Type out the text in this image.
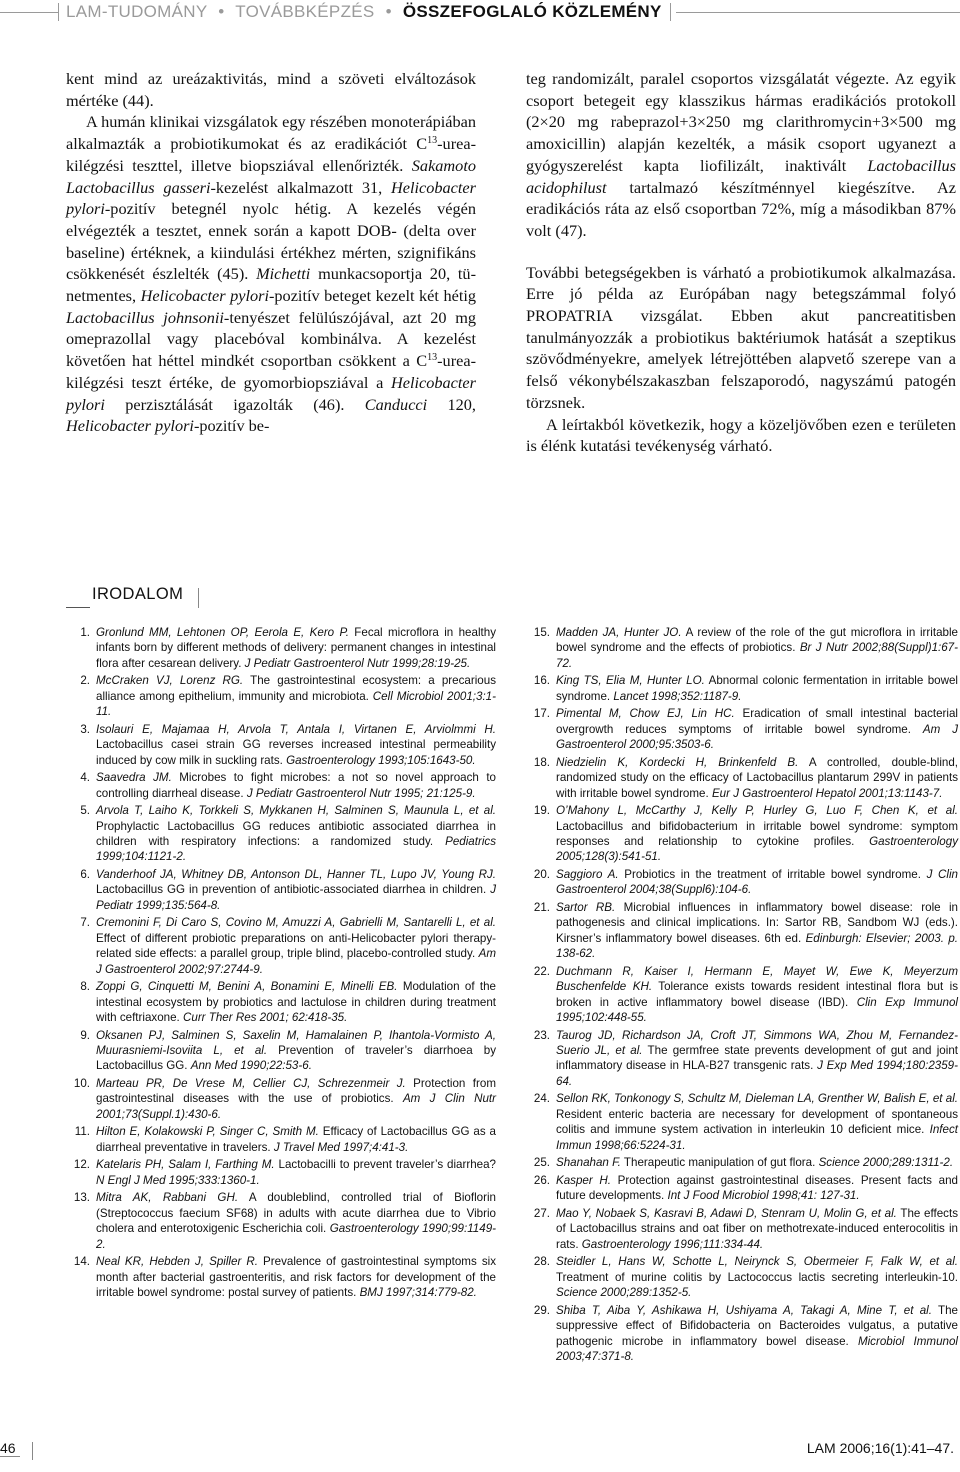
LAM-TUDOMÁNY • TOVÁBBKÉPZÉS • ÖSSZEFOGLALÓ KÖZLEMÉNY

kent mind az ureázaktivitás, mind a szöveti elváltozások mértéke (44).

A humán klinikai vizsgálatok egy részében monoterápiában alkalmazták a probiotikumokat és az eradikációt $C^{13}-urea$-kilégzési teszttel, illetve biopsziával ellenőrizték. Sakamoto Lactobacillus gasseri-kezelést alkalmazott 31, Helicobacter pylori-pozitív betegnél nyolc hétig. A kezelés végén elvégezték a tesztet, ennek során a kapott DOB- (delta over baseline) értéknek, a kiindulási értékhez mérten, szignifikáns csökkenését észlelték (45). Michetti munkacsoportja 20, tünetmentes, Helicobacter pylori-pozitív beteget kezelt két hétig Lactobacillus johnsonii-tenyészet felülúszójával, azt 20 mg omeprazollal vagy placebóval kombinálva. A kezelést követően hat héttel mindkét csoportban csökkent a $C^{13}-urea$-kilégzési teszt értéke, de gyomorbiopsziával a Helicobacter pylori perzisztálását igazolták (46). Canducci 120, Helicobacter pylori-pozitív be-

teg randomizált, paralel csoportos vizsgálatát végezte. Az egyik csoport betegeit egy klasszikus hármas eradikációs protokoll (2×20 mg rabeprazol+3×250 mg clarithromycin+3×500 mg amoxicillin) alapján kezelték, a másik csoport ugyanezt a gyógyszerelést kapta liofilizált, inaktivált Lactobacillus acidophilust tartalmazó készítménnyel kiegészítve. Az eradikációs ráta az első csoportban 72%, míg a másodikban 87% volt (47).

További betegségekben is várható a probiotikumok alkalmazása. Erre jó példa az Európában nagy betegszámmal folyó PROPATRIA vizsgálat. Ebben akut pancreatitisben tanulmányozzák a probiotikus baktériumok hatását a szeptikus szövődményekre, amelyek létrejöttében alapvető szerepe van a felső vékonybélszakaszban felszaporodó, nagyszámú patogén törzsnek.

A leírtakból következik, hogy a közeljövőben ezen e területen is élénk kutatási tevékenység várható.

IRODALOM
1. Gronlund MM, Lehtonen OP, Eerola E, Kero P. Fecal microflora in healthy infants born by different methods of delivery: permanent changes in intestinal flora after cesarean delivery. J Pediatr Gastroenterol Nutr 1999;28:19-25.
2. McCraken VJ, Lorenz RG. The gastrointestinal ecosystem: a precarious alliance among epithelium, immunity and microbiota. Cell Microbiol 2001;3:1-11.
3. Isolauri E, Majamaa H, Arvola T, Antala I, Virtanen E, Arviolmmi H. Lactobacillus casei strain GG reverses increased intestinal permeability induced by cow milk in suckling rats. Gastroenterology 1993;105:1643-50.
4. Saavedra JM. Microbes to fight microbes: a not so novel approach to controlling diarrheal disease. J Pediatr Gastroenterol Nutr 1995; 21:125-9.
5. Arvola T, Laiho K, Torkkeli S, Mykkanen H, Salminen S, Maunula L, et al. Prophylactic Lactobacillus GG reduces antibiotic associated diarrhea in children with respiratory infections: a randomized study. Pediatrics 1999;104:1121-2.
6. Vanderhoof JA, Whitney DB, Antonson DL, Hanner TL, Lupo JV, Young RJ. Lactobacillus GG in prevention of antibiotic-associated diarrhea in children. J Pediatr 1999;135:564-8.
7. Cremonini F, Di Caro S, Covino M, Amuzzi A, Gabrielli M, Santarelli L, et al. Effect of different probiotic preparations on anti-Helicobacter pylori therapy-related side effects: a parallel group, triple blind, placebo-controlled study. Am J Gastroenterol 2002;97:2744-9.
8. Zoppi G, Cinquetti M, Benini A, Bonamini E, Minelli EB. Modulation of the intestinal ecosystem by probiotics and lactulose in children during treatment with ceftriaxone. Curr Ther Res 2001; 62:418-35.
9. Oksanen PJ, Salminen S, Saxelin M, Hamalainen P, Ihantola-Vormisto A, Muurasniemi-Isoviita L, et al. Prevention of traveler’s diarrhoea by Lactobacillus GG. Ann Med 1990;22:53-6.
10. Marteau PR, De Vrese M, Cellier CJ, Schrezenmeir J. Protection from gastrointestinal diseases with the use of probiotics. Am J Clin Nutr 2001;73(Suppl.1):430-6.
11. Hilton E, Kolakowski P, Singer C, Smith M. Efficacy of Lactobacillus GG as a diarrheal preventative in travelers. J Travel Med 1997;4:41-3.
12. Katelaris PH, Salam I, Farthing M. Lactobacilli to prevent traveler’s diarrhea? N Engl J Med 1995;333:1360-1.
13. Mitra AK, Rabbani GH. A doubleblind, controlled trial of Bioflorin (Streptococcus faecium SF68) in adults with acute diarrhea due to Vibrio cholera and enterotoxigenic Escherichia coli. Gastroenterology 1990;99:1149-2.
14. Neal KR, Hebden J, Spiller R. Prevalence of gastrointestinal symptoms six month after bacterial gastroenteritis, and risk factors for development of the irritable bowel syndrome: postal survey of patients. BMJ 1997;314:779-82.
15. Madden JA, Hunter JO. A review of the role of the gut microflora in irritable bowel syndrome and the effects of probiotics. Br J Nutr 2002;88(Suppl)1:67-72.
16. King TS, Elia M, Hunter LO. Abnormal colonic fermentation in irritable bowel syndrome. Lancet 1998;352:1187-9.
17. Pimental M, Chow EJ, Lin HC. Eradication of small intestinal bacterial overgrowth reduces symptoms of irritable bowel syndrome. Am J Gastroenterol 2000;95:3503-6.
18. Niedzielin K, Kordecki H, Brinkenfeld B. A controlled, double-blind, randomized study on the efficacy of Lactobacillus plantarum 299V in patients with irritable bowel syndrome. Eur J Gastroenterol Hepatol 2001;13:1143-7.
19. O’Mahony L, McCarthy J, Kelly P, Hurley G, Luo F, Chen K, et al. Lactobacillus and bifidobacterium in irritable bowel syndrome: symptom responses and relationship to cytokine profiles. Gastroenterology 2005;128(3):541-51.
20. Saggioro A. Probiotics in the treatment of irritable bowel syndrome. J Clin Gastroenterol 2004;38(Suppl6):104-6.
21. Sartor RB. Microbial influences in inflammatory bowel disease: role in pathogenesis and clinical implications. In: Sartor RB, Sandbom WJ (eds.). Kirsner’s inflammatory bowel diseases. 6th ed. Edinburgh: Elsevier; 2003. p. 138-62.
22. Duchmann R, Kaiser I, Hermann E, Mayet W, Ewe K, Meyerzum Buschenfelde KH. Tolerance exists towards resident intestinal flora but is broken in active inflammatory bowel disease (IBD). Clin Exp Immunol 1995;102:448-55.
23. Taurog JD, Richardson JA, Croft JT, Simmons WA, Zhou M, Fernandez-Suerio JL, et al. The germfree state prevents development of gut and joint inflammatory disease in HLA-B27 transgenic rats. J Exp Med 1994;180:2359-64.
24. Sellon RK, Tonkonogy S, Schultz M, Dieleman LA, Grenther W, Balish E, et al. Resident enteric bacteria are necessary for development of spontaneous colitis and immune system activation in interleukin 10 deficient mice. Infect Immun 1998;66:5224-31.
25. Shanahan F. Therapeutic manipulation of gut flora. Science 2000;289:1311-2.
26. Kasper H. Protection against gastrointestinal diseases. Present facts and future developments. Int J Food Microbiol 1998;41: 127-31.
27. Mao Y, Nobaek S, Kasravi B, Adawi D, Stenram U, Molin G, et al. The effects of Lactobacillus strains and oat fiber on methotrexate-induced enterocolitis in rats. Gastroenterology 1996;111:334-44.
28. Steidler L, Hans W, Schotte L, Neirynck S, Obermeier F, Falk W, et al. Treatment of murine colitis by Lactococcus lactis secreting interleukin-10. Science 2000;289:1352-5.
29. Shiba T, Aiba Y, Ashikawa H, Ushiyama A, Takagi A, Mine T, et al. The suppressive effect of Bifidobacteria on Bacteroides vulgatus, a putative pathogenic microbe in inflammatory bowel disease. Microbiol Immunol 2003;47:371-8.
46	LAM 2006;16(1):41–47.
